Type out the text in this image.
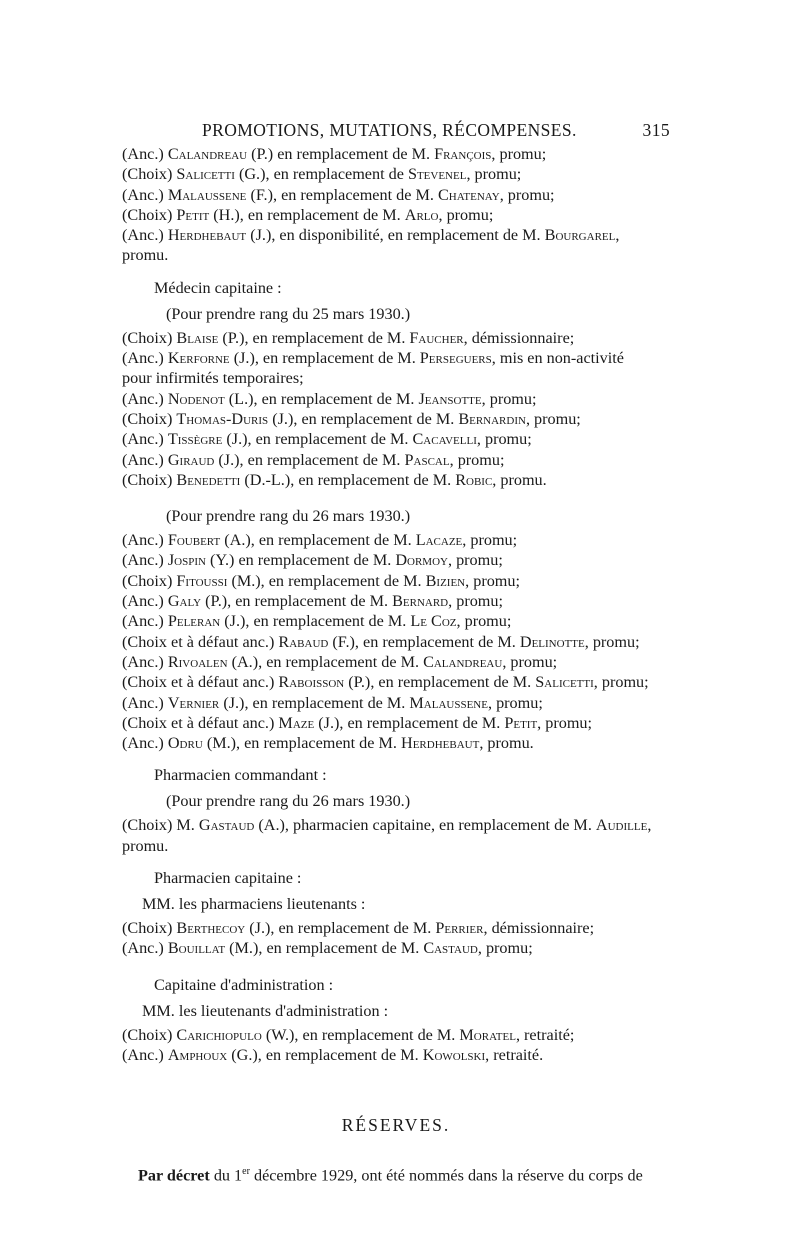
PROMOTIONS, MUTATIONS, RÉCOMPENSES.	315

(Anc.) Calandreau (P.) en remplacement de M. François, promu;

(Choix) Salicetti (G.), en remplacement de Stevenel, promu;

(Anc.) Malaussene (F.), en remplacement de M. Chatenay, promu;

(Choix) Petit (H.), en remplacement de M. Arlo, promu;

(Anc.) Herdhebaut (J.), en disponibilité, en remplacement de M. Bourgarel,

promu.

Médecin capitaine :
(Pour prendre rang du 25 mars 1930.)

(Choix) Blaise (P.), en remplacement de M. Faucher, démissionnaire;

(Anc.) Kerforne (J.), en remplacement de M. Perseguers, mis en non-activité

pour infirmités temporaires;

(Anc.) Nodenot (L.), en remplacement de M. Jeansotte, promu;

(Choix) Thomas-Duris (J.), en remplacement de M. Bernardin, promu;

(Anc.) Tissègre (J.), en remplacement de M. Cacavelli, promu;

(Anc.) Giraud (J.), en remplacement de M. Pascal, promu;

(Choix) Benedetti (D.-L.), en remplacement de M. Robic, promu.

(Pour prendre rang du 26 mars 1930.)

(Anc.) Foubert (A.), en remplacement de M. Lacaze, promu;

(Anc.) Jospin (Y.) en remplacement de M. Dormoy, promu;

(Choix) Fitoussi (M.), en remplacement de M. Bizien, promu;

(Anc.) Galy (P.), en remplacement de M. Bernard, promu;

(Anc.) Peleran (J.), en remplacement de M. Le Coz, promu;

(Choix et à défaut anc.) Rabaud (F.), en remplacement de M. Delinotte, promu;

(Anc.) Rivoalen (A.), en remplacement de M. Calandreau, promu;

(Choix et à défaut anc.) Raboisson (P.), en remplacement de M. Salicetti, promu;

(Anc.) Vernier (J.), en remplacement de M. Malaussene, promu;

(Choix et à défaut anc.) Maze (J.), en remplacement de M. Petit, promu;

(Anc.) Odru (M.), en remplacement de M. Herdhebaut, promu.

Pharmacien commandant :
(Pour prendre rang du 26 mars 1930.)

(Choix) M. Gastaud (A.), pharmacien capitaine, en remplacement de M. Audille,

promu.

Pharmacien capitaine :
MM. les pharmaciens lieutenants :

(Choix) Berthecoy (J.), en remplacement de M. Perrier, démissionnaire;

(Anc.) Bouillat (M.), en remplacement de M. Castaud, promu;

Capitaine d'administration :
MM. les lieutenants d'administration :

(Choix) Carichiopulo (W.), en remplacement de M. Moratel, retraité;

(Anc.) Amphoux (G.), en remplacement de M. Kowolski, retraité.

RÉSERVES.

Par décret du 1er décembre 1929, ont été nommés dans la réserve du corps de
